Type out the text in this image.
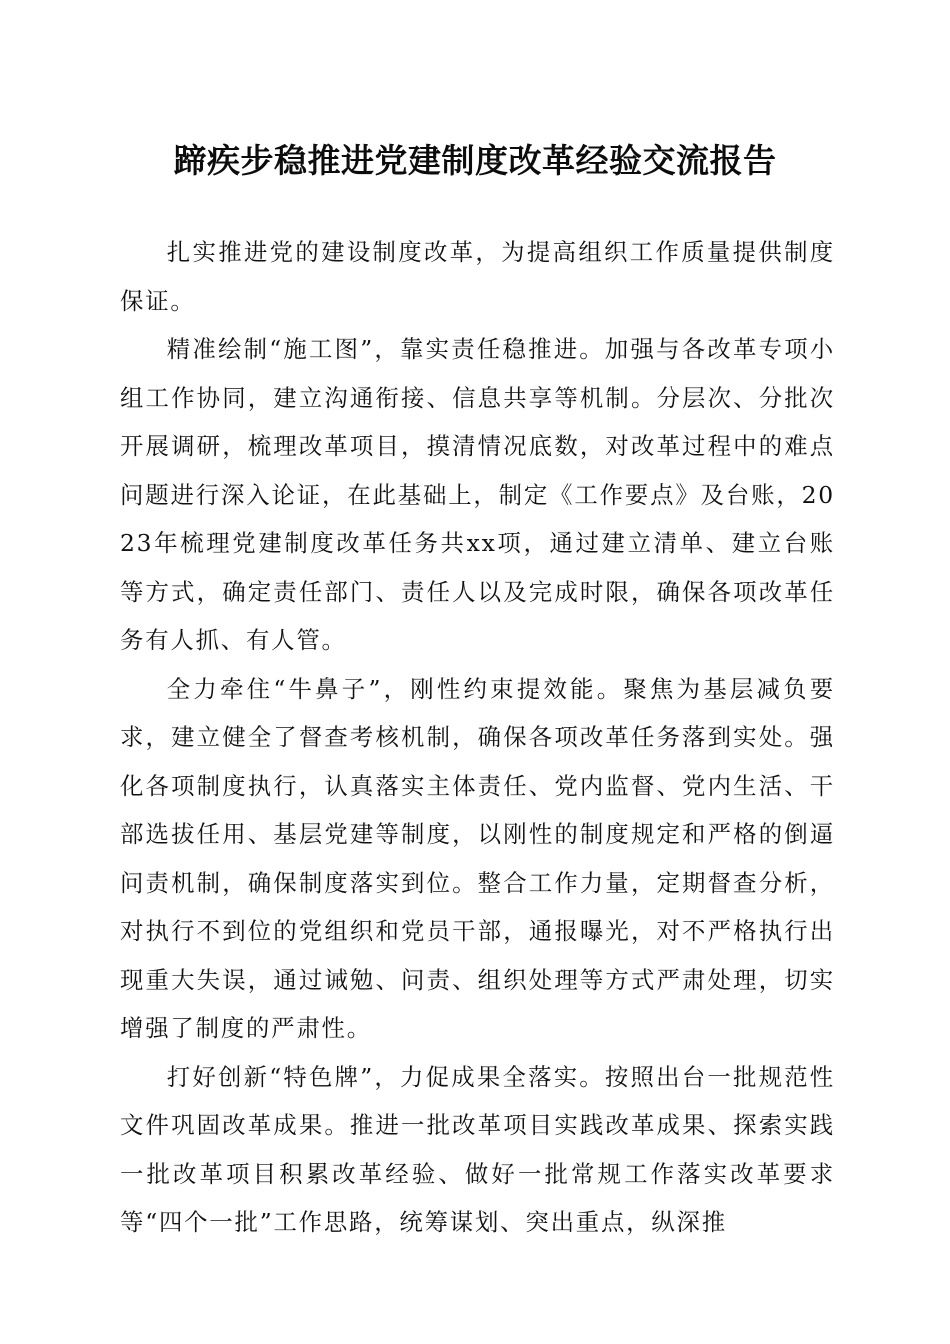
蹄疾步稳推进党建制度改革经验交流报告

扎实推进党的建设制度改革，为提高组织工作质量提供制度保证。

精准绘制“施工图”，靠实责任稳推进。加强与各改革专项小组工作协同，建立沟通衔接、信息共享等机制。分层次、分批次开展调研，梳理改革项目，摸清情况底数，对改革过程中的难点问题进行深入论证，在此基础上，制定《工作要点》及台账，2023年梳理党建制度改革任务共xx项，通过建立清单、建立台账等方式，确定责任部门、责任人以及完成时限，确保各项改革任务有人抓、有人管。

全力牵住“牛鼻子”，刚性约束提效能。聚焦为基层减负要求，建立健全了督查考核机制，确保各项改革任务落到实处。强化各项制度执行，认真落实主体责任、党内监督、党内生活、干部选拔任用、基层党建等制度，以刚性的制度规定和严格的倒逼问责机制，确保制度落实到位。整合工作力量，定期督查分析，对执行不到位的党组织和党员干部，通报曝光，对不严格执行出现重大失误，通过诫勉、问责、组织处理等方式严肃处理，切实增强了制度的严肃性。

打好创新“特色牌”，力促成果全落实。按照出台一批规范性文件巩固改革成果。推进一批改革项目实践改革成果、探索实践一批改革项目积累改革经验、做好一批常规工作落实改革要求等“四个一批”工作思路，统筹谋划、突出重点，纵深推
